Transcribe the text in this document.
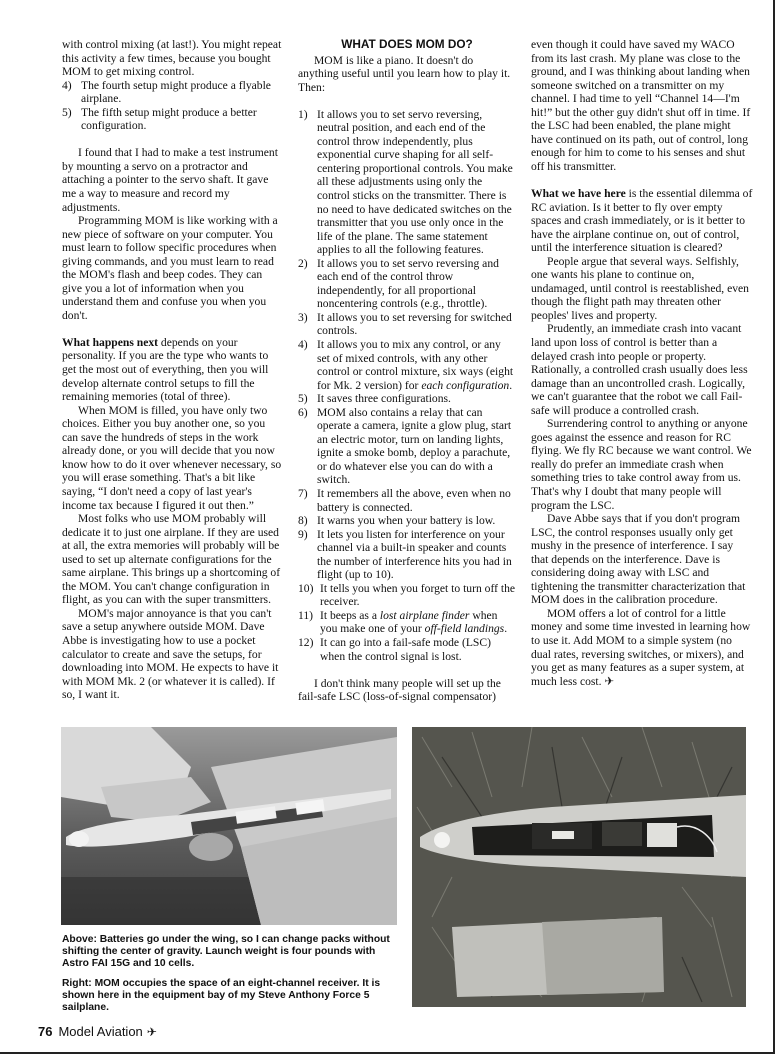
with control mixing (at last!). You might repeat this activity a few times, because you bought MOM to get mixing control.

4) The fourth setup might produce a flyable airplane.
5) The fifth setup might produce a better configuration.

I found that I had to make a test instrument by mounting a servo on a protractor and attaching a pointer to the servo shaft. It gave me a way to measure and record my adjustments.

Programming MOM is like working with a new piece of software on your computer. You must learn to follow specific procedures when giving commands, and you must learn to read the MOM's flash and beep codes. They can give you a lot of information when you understand them and confuse you when you don't.

What happens next depends on your personality. If you are the type who wants to get the most out of everything, then you will develop alternate control setups to fill the remaining memories (total of three).

When MOM is filled, you have only two choices. Either you buy another one, so you can save the hundreds of steps in the work already done, or you will decide that you now know how to do it over whenever necessary, so you will erase something. That's a bit like saying, “I don't need a copy of last year's income tax because I figured it out then.”

Most folks who use MOM probably will dedicate it to just one airplane. If they are used at all, the extra memories will probably will be used to set up alternate configurations for the same airplane. This brings up a shortcoming of the MOM. You can't change configuration in flight, as you can with the super transmitters.

MOM's major annoyance is that you can't save a setup anywhere outside MOM. Dave Abbe is investigating how to use a pocket calculator to create and save the setups, for downloading into MOM. He expects to have it with MOM Mk. 2 (or whatever it is called). If so, I want it.

WHAT DOES MOM DO?

MOM is like a piano. It doesn't do anything useful until you learn how to play it. Then:

1) It allows you to set servo reversing, neutral position, and each end of the control throw independently, plus exponential curve shaping for all self-centering proportional controls. You make all these adjustments using only the control sticks on the transmitter. There is no need to have dedicated switches on the transmitter that you use only once in the life of the plane. The same statement applies to all the following features.
2) It allows you to set servo reversing and each end of the control throw independently, for all proportional noncentering controls (e.g., throttle).
3) It allows you to set reversing for switched controls.
4) It allows you to mix any control, or any set of mixed controls, with any other control or control mixture, six ways (eight for Mk. 2 version) for each configuration.
5) It saves three configurations.
6) MOM also contains a relay that can operate a camera, ignite a glow plug, start an electric motor, turn on landing lights, ignite a smoke bomb, deploy a parachute, or do whatever else you can do with a switch.
7) It remembers all the above, even when no battery is connected.
8) It warns you when your battery is low.
9) It lets you listen for interference on your channel via a built-in speaker and counts the number of interference hits you had in flight (up to 10).
10) It tells you when you forget to turn off the receiver.
11) It beeps as a lost airplane finder when you make one of your off-field landings.
12) It can go into a fail-safe mode (LSC) when the control signal is lost.

I don't think many people will set up the fail-safe LSC (loss-of-signal compensator)

even though it could have saved my WACO from its last crash. My plane was close to the ground, and I was thinking about landing when someone switched on a transmitter on my channel. I had time to yell “Channel 14—I'm hit!” but the other guy didn't shut off in time. If the LSC had been enabled, the plane might have continued on its path, out of control, long enough for him to come to his senses and shut off his transmitter.

What we have here is the essential dilemma of RC aviation. Is it better to fly over empty spaces and crash immediately, or is it better to have the airplane continue on, out of control, until the interference situation is cleared?

People argue that several ways. Selfishly, one wants his plane to continue on, undamaged, until control is reestablished, even though the flight path may threaten other peoples' lives and property.

Prudently, an immediate crash into vacant land upon loss of control is better than a delayed crash into people or property. Rationally, a controlled crash usually does less damage than an uncontrolled crash. Logically, we can't guarantee that the robot we call Fail-safe will produce a controlled crash.

Surrendering control to anything or anyone goes against the essence and reason for RC flying. We fly RC because we want control. We really do prefer an immediate crash when something tries to take control away from us. That's why I doubt that many people will program the LSC.

Dave Abbe says that if you don't program LSC, the control responses usually only get mushy in the presence of interference. I say that depends on the interference. Dave is considering doing away with LSC and tightening the transmitter characterization that MOM does in the calibration procedure.

MOM offers a lot of control for a little money and some time invested in learning how to use it. Add MOM to a simple system (no dual rates, reversing switches, or mixers), and you get as many features as a super system, at much less cost. ✈

Above: Batteries go under the wing, so I can change packs without shifting the center of gravity. Launch weight is four pounds with Astro FAI 15G and 10 cells.
Right: MOM occupies the space of an eight-channel receiver. It is shown here in the equipment bay of my Steve Anthony Force 5 sailplane.
76 Model Aviation ✈
